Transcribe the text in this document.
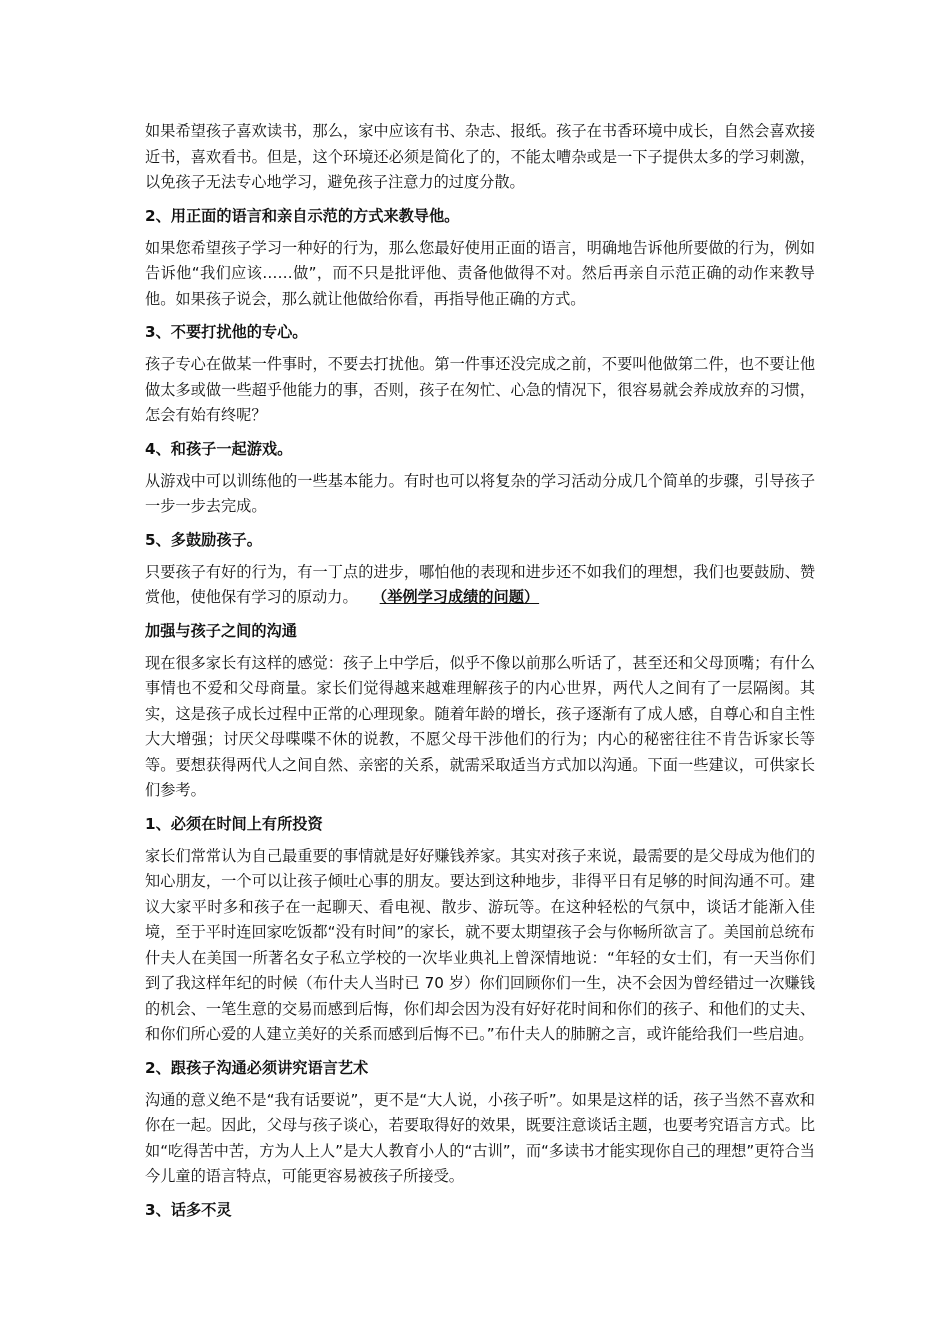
如果希望孩子喜欢读书，那么，家中应该有书、杂志、报纸。孩子在书香环境中成长，自然会喜欢接近书，喜欢看书。但是，这个环境还必须是简化了的，不能太嘈杂或是一下子提供太多的学习刺激，以免孩子无法专心地学习，避免孩子注意力的过度分散。

2、用正面的语言和亲自示范的方式来教导他。

如果您希望孩子学习一种好的行为，那么您最好使用正面的语言，明确地告诉他所要做的行为，例如告诉他“我们应该……做”，而不只是批评他、责备他做得不对。然后再亲自示范正确的动作来教导他。如果孩子说会，那么就让他做给你看，再指导他正确的方式。

3、不要打扰他的专心。

孩子专心在做某一件事时，不要去打扰他。第一件事还没完成之前，不要叫他做第二件，也不要让他做太多或做一些超乎他能力的事，否则，孩子在匆忙、心急的情况下，很容易就会养成放弃的习惯，怎会有始有终呢？

4、和孩子一起游戏。

从游戏中可以训练他的一些基本能力。有时也可以将复杂的学习活动分成几个简单的步骤，引导孩子一步一步去完成。

5、多鼓励孩子。

只要孩子有好的行为，有一丁点的进步，哪怕他的表现和进步还不如我们的理想，我们也要鼓励、赞赏他，使他保有学习的原动力。 （举例学习成绩的问题）

加强与孩子之间的沟通

现在很多家长有这样的感觉：孩子上中学后，似乎不像以前那么听话了，甚至还和父母顶嘴；有什么事情也不爱和父母商量。家长们觉得越来越难理解孩子的内心世界，两代人之间有了一层隔阂。其实，这是孩子成长过程中正常的心理现象。随着年龄的增长，孩子逐渐有了成人感，自尊心和自主性大大增强；讨厌父母喋喋不休的说教，不愿父母干涉他们的行为；内心的秘密往往不肯告诉家长等等。要想获得两代人之间自然、亲密的关系，就需采取适当方式加以沟通。下面一些建议，可供家长们参考。

1、必须在时间上有所投资

家长们常常认为自己最重要的事情就是好好赚钱养家。其实对孩子来说，最需要的是父母成为他们的知心朋友，一个可以让孩子倾吐心事的朋友。要达到这种地步，非得平日有足够的时间沟通不可。建议大家平时多和孩子在一起聊天、看电视、散步、游玩等。在这种轻松的气氛中，谈话才能渐入佳境，至于平时连回家吃饭都“没有时间”的家长，就不要太期望孩子会与你畅所欲言了。美国前总统布什夫人在美国一所著名女子私立学校的一次毕业典礼上曾深情地说：“年轻的女士们，有一天当你们到了我这样年纪的时候（布什夫人当时已 70 岁）你们回顾你们一生，决不会因为曾经错过一次赚钱的机会、一笔生意的交易而感到后悔，你们却会因为没有好好花时间和你们的孩子、和他们的丈夫、和你们所心爱的人建立美好的关系而感到后悔不已。”布什夫人的肺腑之言，或许能给我们一些启迪。

2、跟孩子沟通必须讲究语言艺术

沟通的意义绝不是“我有话要说”，更不是“大人说，小孩子听”。如果是这样的话，孩子当然不喜欢和你在一起。因此，父母与孩子谈心，若要取得好的效果，既要注意谈话主题，也要考究语言方式。比如“吃得苦中苦，方为人上人”是大人教育小人的“古训”，而“多读书才能实现你自己的理想”更符合当今儿童的语言特点，可能更容易被孩子所接受。

3、话多不灵
